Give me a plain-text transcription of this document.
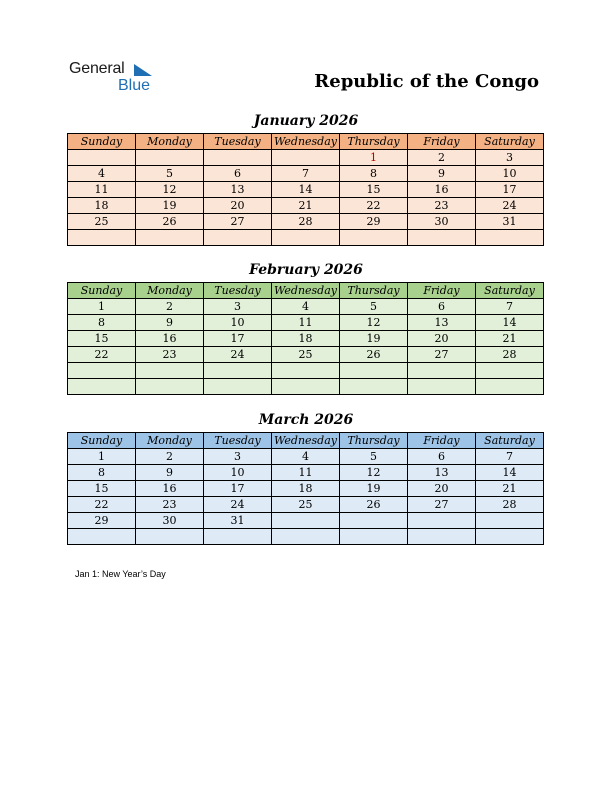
General
Blue	Republic of the Congo
January 2026
Sunday	Monday	Tuesday	Wednesday	Thursday	Friday	Saturday
				1	2	3
4	5	6	7	8	9	10
11	12	13	14	15	16	17
18	19	20	21	22	23	24
25	26	27	28	29	30	31

February 2026
Sunday	Monday	Tuesday	Wednesday	Thursday	Friday	Saturday
1	2	3	4	5	6	7
8	9	10	11	12	13	14
15	16	17	18	19	20	21
22	23	24	25	26	27	28

March 2026
Sunday	Monday	Tuesday	Wednesday	Thursday	Friday	Saturday
1	2	3	4	5	6	7
8	9	10	11	12	13	14
15	16	17	18	19	20	21
22	23	24	25	26	27	28
29	30	31				

Jan 1: New Year’s Day
